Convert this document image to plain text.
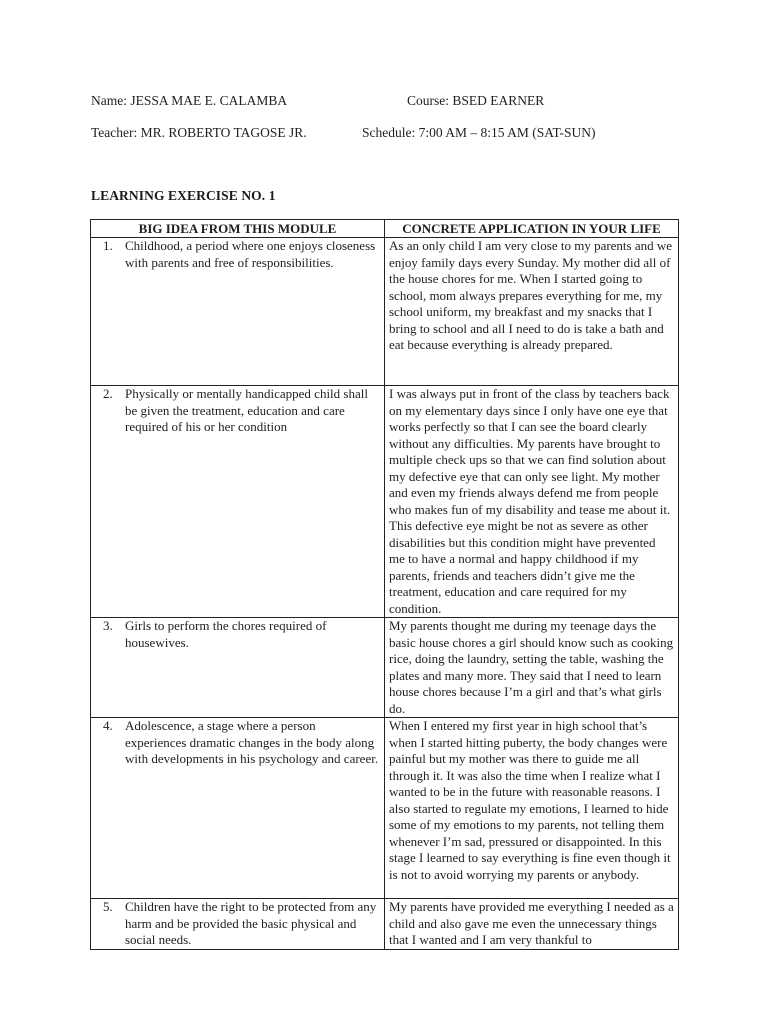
Name: JESSA MAE E. CALAMBA	Course: BSED EARNER
Teacher: MR. ROBERTO TAGOSE JR.	Schedule: 7:00 AM – 8:15 AM (SAT-SUN)
LEARNING EXERCISE NO. 1
BIG IDEA FROM THIS MODULE	CONCRETE APPLICATION IN YOUR LIFE

1. Childhood, a period where one enjoys closeness with parents and free of responsibilities.	As an only child I am very close to my parents and we enjoy family days every Sunday. My mother did all of the house chores for me. When I started going to school, mom always prepares everything for me, my school uniform, my breakfast and my snacks that I bring to school and all I need to do is take a bath and eat because everything is already prepared.

2. Physically or mentally handicapped child shall be given the treatment, education and care required of his or her condition	I was always put in front of the class by teachers back on my elementary days since I only have one eye that works perfectly so that I can see the board clearly without any difficulties. My parents have brought to multiple check ups so that we can find solution about my defective eye that can only see light. My mother and even my friends always defend me from people who makes fun of my disability and tease me about it. This defective eye might be not as severe as other disabilities but this condition might have prevented me to have a normal and happy childhood if my parents, friends and teachers didn’t give me the treatment, education and care required for my condition.

3. Girls to perform the chores required of housewives.	My parents thought me during my teenage days the basic house chores a girl should know such as cooking rice, doing the laundry, setting the table, washing the plates and many more. They said that I need to learn house chores because I’m a girl and that’s what girls do.

4. Adolescence, a stage where a person experiences dramatic changes in the body along with developments in his psychology and career.	When I entered my first year in high school that’s when I started hitting puberty, the body changes were painful but my mother was there to guide me all through it. It was also the time when I realize what I wanted to be in the future with reasonable reasons. I also started to regulate my emotions, I learned to hide some of my emotions to my parents, not telling them whenever I’m sad, pressured or disappointed. In this stage I learned to say everything is fine even though it is not to avoid worrying my parents or anybody.

5. Children have the right to be protected from any harm and be provided the basic physical and social needs.	My parents have provided me everything I needed as a child and also gave me even the unnecessary things that I wanted and I am very thankful to
